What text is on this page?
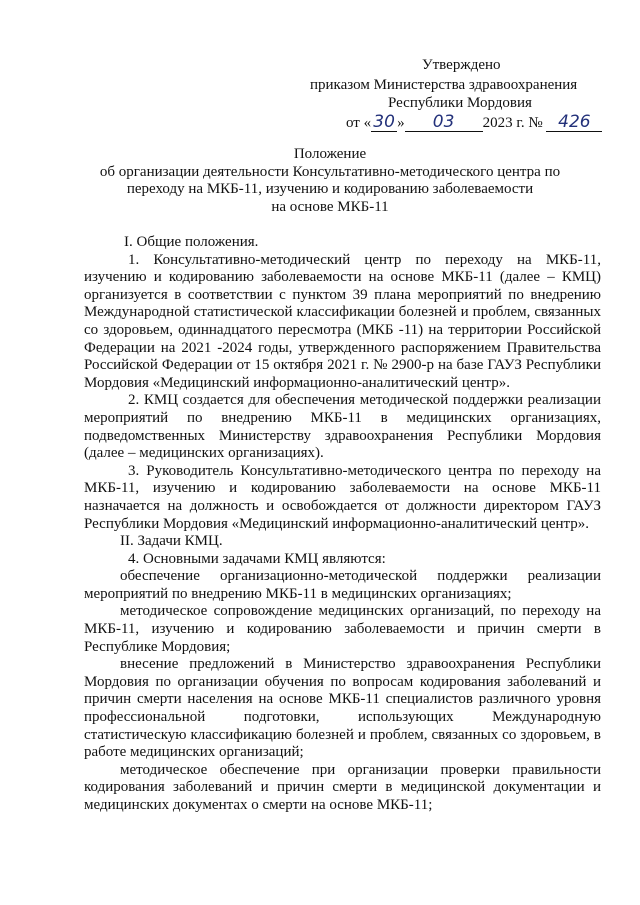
Утверждено
приказом Министерства здравоохранения
Республики Мордовия
от « 30 » 03 2023 г. № 426
Положение
об организации деятельности Консультативно-методического центра по
переходу на МКБ-11, изучению и кодированию заболеваемости
на основе МКБ-11

I. Общие положения.

1. Консультативно-методический центр по переходу на МКБ-11, изучению и кодированию заболеваемости на основе МКБ-11 (далее – КМЦ) организуется в соответствии с пунктом 39 плана мероприятий по внедрению Международной статистической классификации болезней и проблем, связанных со здоровьем, одиннадцатого пересмотра (МКБ -11) на территории Российской Федерации на 2021 -2024 годы, утвержденного распоряжением Правительства Российской Федерации от 15 октября 2021 г. № 2900-р на базе ГАУЗ Республики Мордовия «Медицинский информационно-аналитический центр».

2. КМЦ создается для обеспечения методической поддержки реализации мероприятий по внедрению МКБ-11 в медицинских организациях, подведомственных Министерству здравоохранения Республики Мордовия (далее – медицинских организациях).

3. Руководитель Консультативно-методического центра по переходу на МКБ-11, изучению и кодированию заболеваемости на основе МКБ-11 назначается на должность и освобождается от должности директором ГАУЗ Республики Мордовия «Медицинский информационно-аналитический центр».

II. Задачи КМЦ.

4. Основными задачами КМЦ являются:

обеспечение организационно-методической поддержки реализации мероприятий по внедрению МКБ-11 в медицинских организациях;

методическое сопровождение медицинских организаций, по переходу на МКБ-11, изучению и кодированию заболеваемости и причин смерти в Республике Мордовия;

внесение предложений в Министерство здравоохранения Республики Мордовия по организации обучения по вопросам кодирования заболеваний и причин смерти населения на основе МКБ-11 специалистов различного уровня профессиональной подготовки, использующих Международную статистическую классификацию болезней и проблем, связанных со здоровьем, в работе медицинских организаций;

методическое обеспечение при организации проверки правильности кодирования заболеваний и причин смерти в медицинской документации и медицинских документах о смерти на основе МКБ-11;
